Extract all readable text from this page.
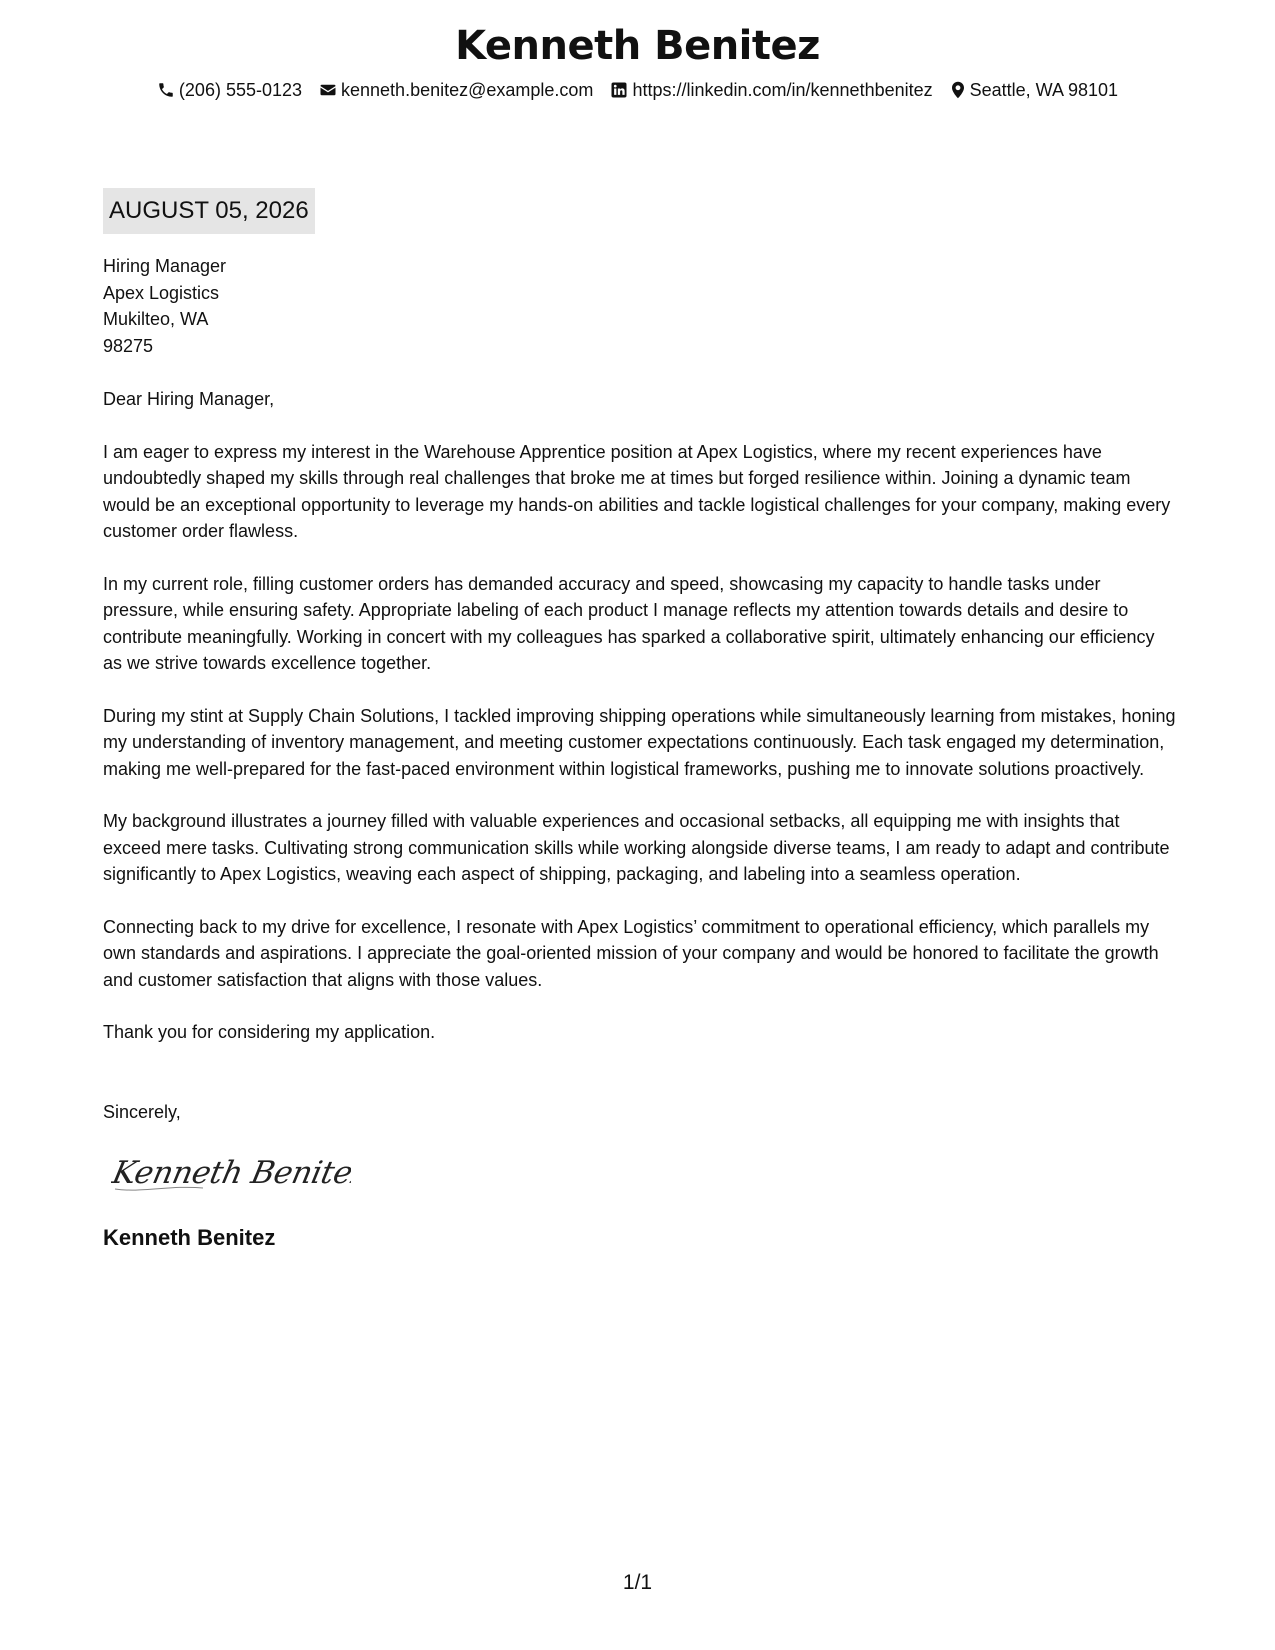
Kenneth Benitez
(206) 555-0123 kenneth.benitez@example.com https://linkedin.com/in/kennethbenitez Seattle, WA 98101
AUGUST 05, 2026
Hiring Manager
Apex Logistics
Mukilteo, WA
98275
Dear Hiring Manager,

I am eager to express my interest in the Warehouse Apprentice position at Apex Logistics, where my recent experiences have undoubtedly shaped my skills through real challenges that broke me at times but forged resilience within. Joining a dynamic team would be an exceptional opportunity to leverage my hands-on abilities and tackle logistical challenges for your company, making every customer order flawless.

In my current role, filling customer orders has demanded accuracy and speed, showcasing my capacity to handle tasks under pressure, while ensuring safety. Appropriate labeling of each product I manage reflects my attention towards details and desire to contribute meaningfully. Working in concert with my colleagues has sparked a collaborative spirit, ultimately enhancing our efficiency as we strive towards excellence together.

During my stint at Supply Chain Solutions, I tackled improving shipping operations while simultaneously learning from mistakes, honing my understanding of inventory management, and meeting customer expectations continuously. Each task engaged my determination, making me well-prepared for the fast-paced environment within logistical frameworks, pushing me to innovate solutions proactively.

My background illustrates a journey filled with valuable experiences and occasional setbacks, all equipping me with insights that exceed mere tasks. Cultivating strong communication skills while working alongside diverse teams, I am ready to adapt and contribute significantly to Apex Logistics, weaving each aspect of shipping, packaging, and labeling into a seamless operation.

Connecting back to my drive for excellence, I resonate with Apex Logistics’ commitment to operational efficiency, which parallels my own standards and aspirations. I appreciate the goal-oriented mission of your company and would be honored to facilitate the growth and customer satisfaction that aligns with those values.

Thank you for considering my application.

Sincerely,
Kenneth Benitez
Kenneth Benitez
1/1
